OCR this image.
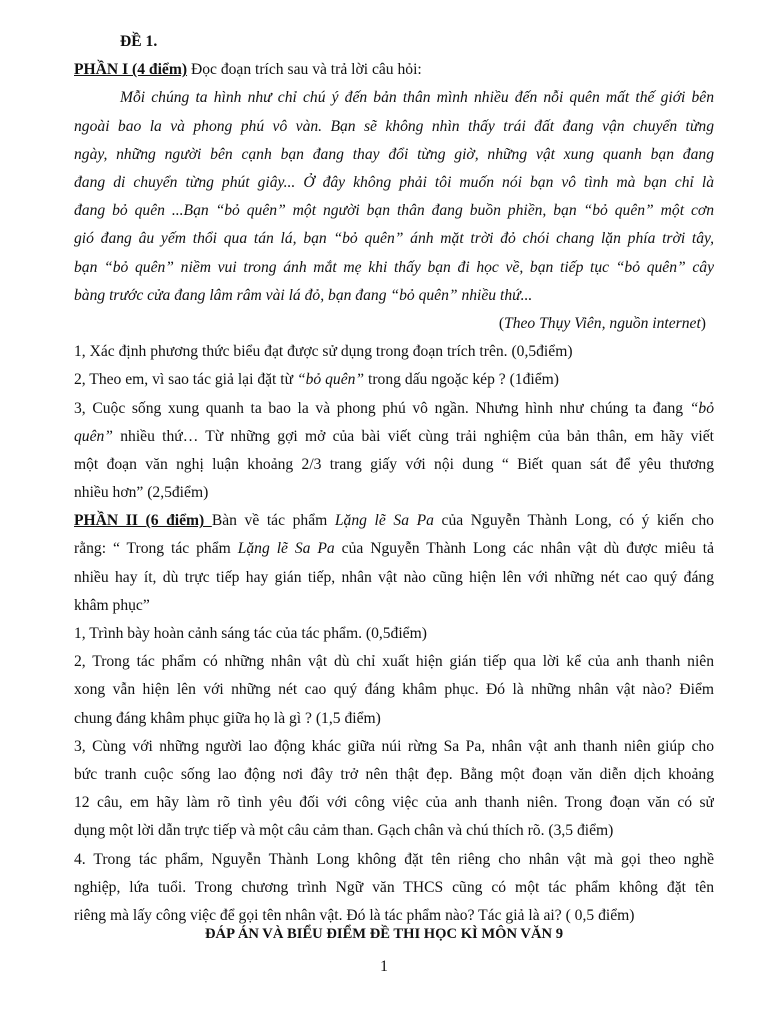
ĐỀ 1.
PHẦN I (4 điểm) Đọc đoạn trích sau và trả lời câu hỏi:
Mỗi chúng ta hình như chỉ chú ý đến bản thân mình nhiều đến nỗi quên mất thế giới bên
ngoài bao la và phong phú vô vàn. Bạn sẽ không nhìn thấy trái đất đang vận chuyển từng
ngày, những người bên cạnh bạn đang thay đổi từng giờ, những vật xung quanh bạn đang
đang di chuyển từng phút giây... Ở đây không phải tôi muốn nói bạn vô tình mà bạn chỉ là
đang bỏ quên ...Bạn “bỏ quên” một người bạn thân đang buồn phiền, bạn “bỏ quên” một cơn
gió đang âu yếm thổi qua tán lá, bạn “bỏ quên” ánh mặt trời đỏ chói chang lặn phía trời tây,
bạn “bỏ quên” niềm vui trong ánh mắt mẹ khi thấy bạn đi học về, bạn tiếp tục “bỏ quên” cây
bàng trước cửa đang lâm râm vài lá đỏ, bạn đang “bỏ quên” nhiều thứ...
(Theo Thụy Viên, nguồn internet)
1, Xác định phương thức biểu đạt được sử dụng trong đoạn trích trên. (0,5điểm)
2, Theo em, vì sao tác giả lại đặt từ “bỏ quên” trong dấu ngoặc kép ? (1điểm)
3, Cuộc sống xung quanh ta bao la và phong phú vô ngần. Nhưng hình như chúng ta đang “bỏ
quên” nhiều thứ… Từ những gợi mở của bài viết cùng trải nghiệm của bản thân, em hãy viết
một đoạn văn nghị luận khoảng 2/3 trang giấy với nội dung “ Biết quan sát để yêu thương
nhiều hơn” (2,5điểm)
PHẦN II (6 điểm) Bàn về tác phẩm Lặng lẽ Sa Pa của Nguyễn Thành Long, có ý kiến cho
rằng: “ Trong tác phẩm Lặng lẽ Sa Pa của Nguyễn Thành Long các nhân vật dù được miêu tả
nhiều hay ít, dù trực tiếp hay gián tiếp, nhân vật nào cũng hiện lên với những nét cao quý đáng
khâm phục”
1, Trình bày hoàn cảnh sáng tác của tác phẩm. (0,5điểm)
2, Trong tác phẩm có những nhân vật dù chỉ xuất hiện gián tiếp qua lời kể của anh thanh niên
xong vẫn hiện lên với những nét cao quý đáng khâm phục. Đó là những nhân vật nào? Điểm
chung đáng khâm phục giữa họ là gì ? (1,5 điểm)
3, Cùng với những người lao động khác giữa núi rừng Sa Pa, nhân vật anh thanh niên giúp cho
bức tranh cuộc sống lao động nơi đây trở nên thật đẹp. Bằng một đoạn văn diễn dịch khoảng
12 câu, em hãy làm rõ tình yêu đối với công việc của anh thanh niên. Trong đoạn văn có sử
dụng một lời dẫn trực tiếp và một câu cảm than. Gạch chân và chú thích rõ. (3,5 điểm)
4. Trong tác phẩm, Nguyễn Thành Long không đặt tên riêng cho nhân vật mà gọi theo nghề
nghiệp, lứa tuổi. Trong chương trình Ngữ văn THCS cũng có một tác phẩm không đặt tên
riêng mà lấy công việc để gọi tên nhân vật. Đó là tác phẩm nào? Tác giả là ai? ( 0,5 điểm)
ĐÁP ÁN VÀ BIỂU ĐIỂM ĐỀ THI HỌC KÌ MÔN VĂN 9
1
